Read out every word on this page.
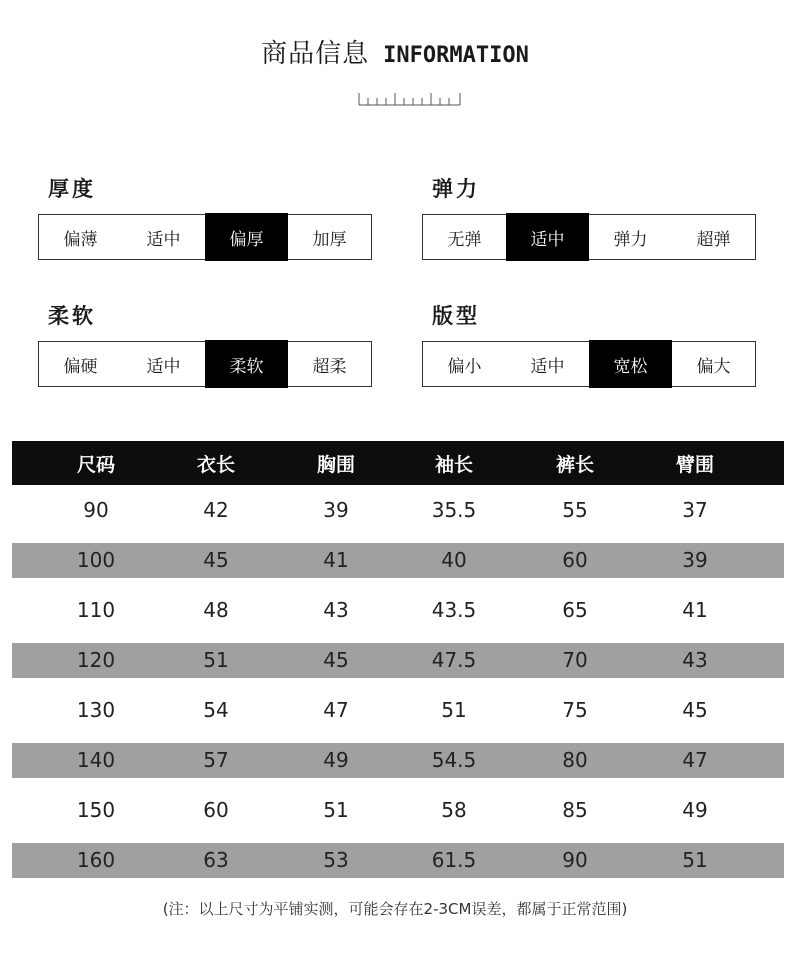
商品信息 INFORMATION
厚度
偏薄	适中	偏厚	加厚
弹力
无弹	适中	弹力	超弹
柔软
偏硬	适中	柔软	超柔
版型
偏小	适中	宽松	偏大
尺码	衣长	胸围	袖长	裤长	臂围
90	42	39	35.5	55	37
100	45	41	40	60	39
110	48	43	43.5	65	41
120	51	45	47.5	70	43
130	54	47	51	75	45
140	57	49	54.5	80	47
150	60	51	58	85	49
160	63	53	61.5	90	51
(注：以上尺寸为平铺实测，可能会存在2-3CM误差，都属于正常范围)
